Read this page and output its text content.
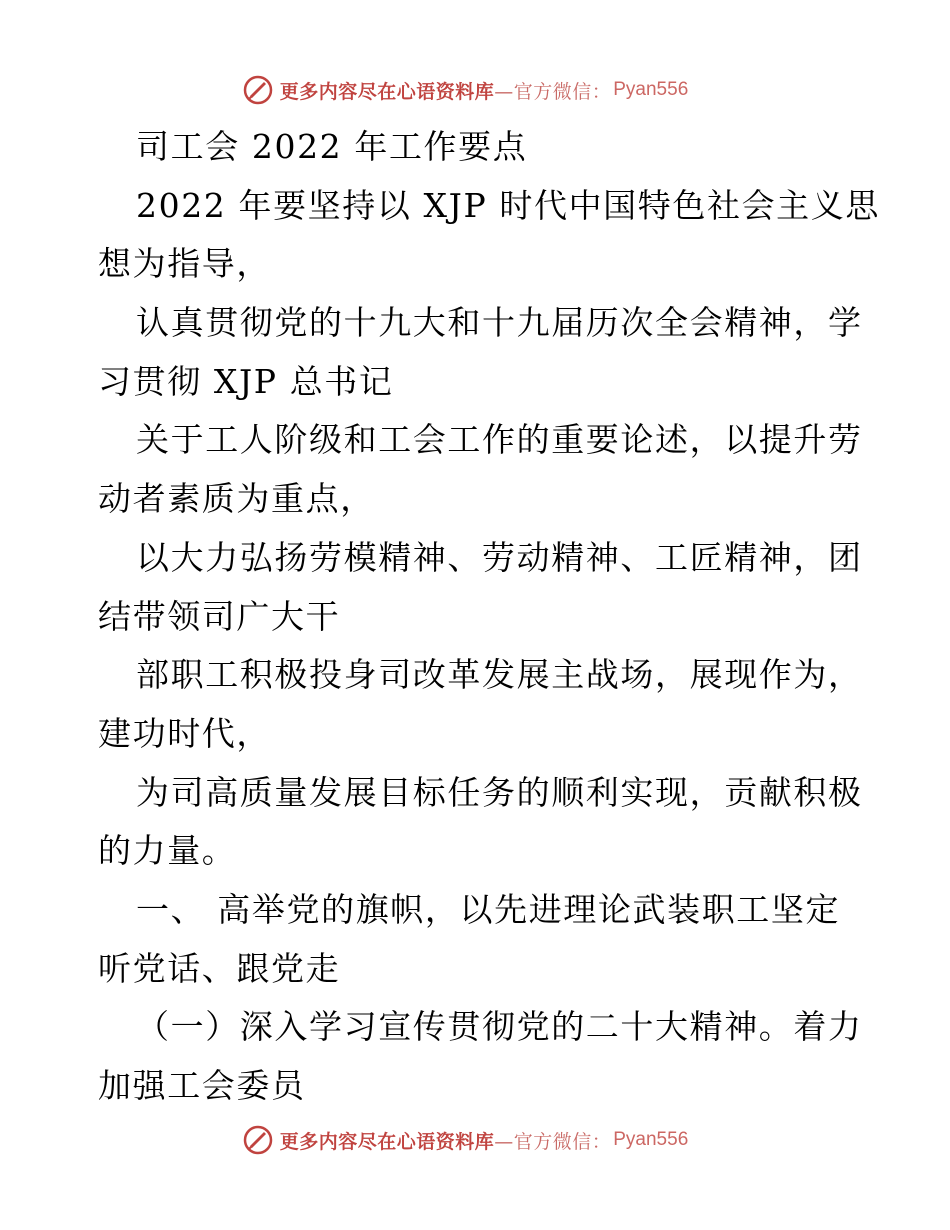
更多内容尽在心语资料库—官方微信： Pyan556
司工会 2022 年工作要点
2022 年要坚持以 XJP 时代中国特色社会主义思
想为指导，
认真贯彻党的十九大和十九届历次全会精神，学
习贯彻 XJP 总书记
关于工人阶级和工会工作的重要论述，以提升劳
动者素质为重点，
以大力弘扬劳模精神、劳动精神、工匠精神，团
结带领司广大干
部职工积极投身司改革发展主战场，展现作为，
建功时代，
为司高质量发展目标任务的顺利实现，贡献积极
的力量。
一、 高举党的旗帜，以先进理论武装职工坚定
听党话、跟党走
（一）深入学习宣传贯彻党的二十大精神。着力
加强工会委员
更多内容尽在心语资料库—官方微信： Pyan556
